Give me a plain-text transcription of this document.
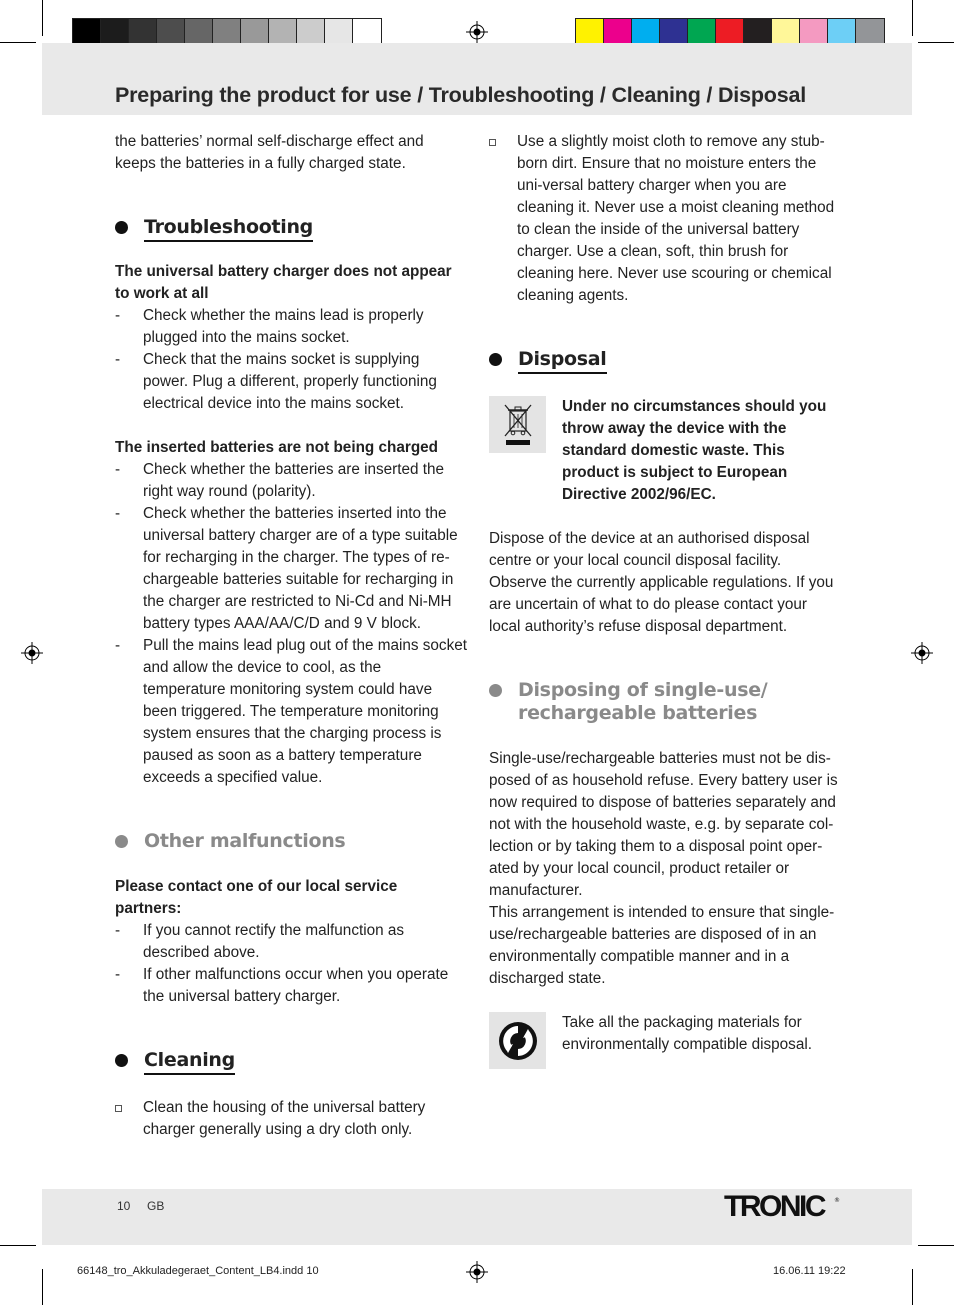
Preparing the product for use / Troubleshooting / Cleaning / Disposal

the batteries’ normal self-discharge effect and keeps the batteries in a fully charged state.

Troubleshooting

The universal battery charger does not appear to work at all

- Check whether the mains lead is properly plugged into the mains socket.
- Check that the mains socket is supplying power. Plug a different, properly functioning electrical device into the mains socket.

The inserted batteries are not being charged

- Check whether the batteries are inserted the right way round (polarity).
- Check whether the batteries inserted into the universal battery charger are of a type suitable for recharging in the charger. The types of re-chargeable batteries suitable for recharging in the charger are restricted to Ni-Cd and Ni-MH battery types AAA/AA/C/D and 9 V block.
- Pull the mains lead plug out of the mains socket and allow the device to cool, as the temperature monitoring system could have been triggered. The temperature monitoring system ensures that the charging process is paused as soon as a battery temperature exceeds a specified value.
Other malfunctions

Please contact one of our local service partners:

- If you cannot rectify the malfunction as described above.
- If other malfunctions occur when you operate the universal battery charger.
Cleaning
Clean the housing of the universal battery charger generally using a dry cloth only.
Use a slightly moist cloth to remove any stub-born dirt. Ensure that no moisture enters the uni-versal battery charger when you are cleaning it. Never use a moist cleaning method to clean the inside of the universal battery charger. Use a clean, soft, thin brush for cleaning here. Never use scouring or chemical cleaning agents.
Disposal

Under no circumstances should you throw away the device with the standard domestic waste. This product is subject to European Directive 2002/96/EC.

Dispose of the device at an authorised disposal centre or your local council disposal facility. Observe the currently applicable regulations. If you are uncertain of what to do please contact your local authority’s refuse disposal department.

Disposing of single-use/ rechargeable batteries

Single-use/rechargeable batteries must not be dis-posed of as household refuse. Every battery user is now required to dispose of batteries separately and not with the household waste, e.g. by separate col-lection or by taking them to a disposal point oper-ated by your local council, product retailer or manufacturer.

This arrangement is intended to ensure that single-use/rechargeable batteries are disposed of in an environmentally compatible manner and in a discharged state.

Take all the packaging materials for environmentally compatible disposal.

10 GB	TRONIC ®
66148_tro_Akkuladegeraet_Content_LB4.indd 10	16.06.11 19:22
